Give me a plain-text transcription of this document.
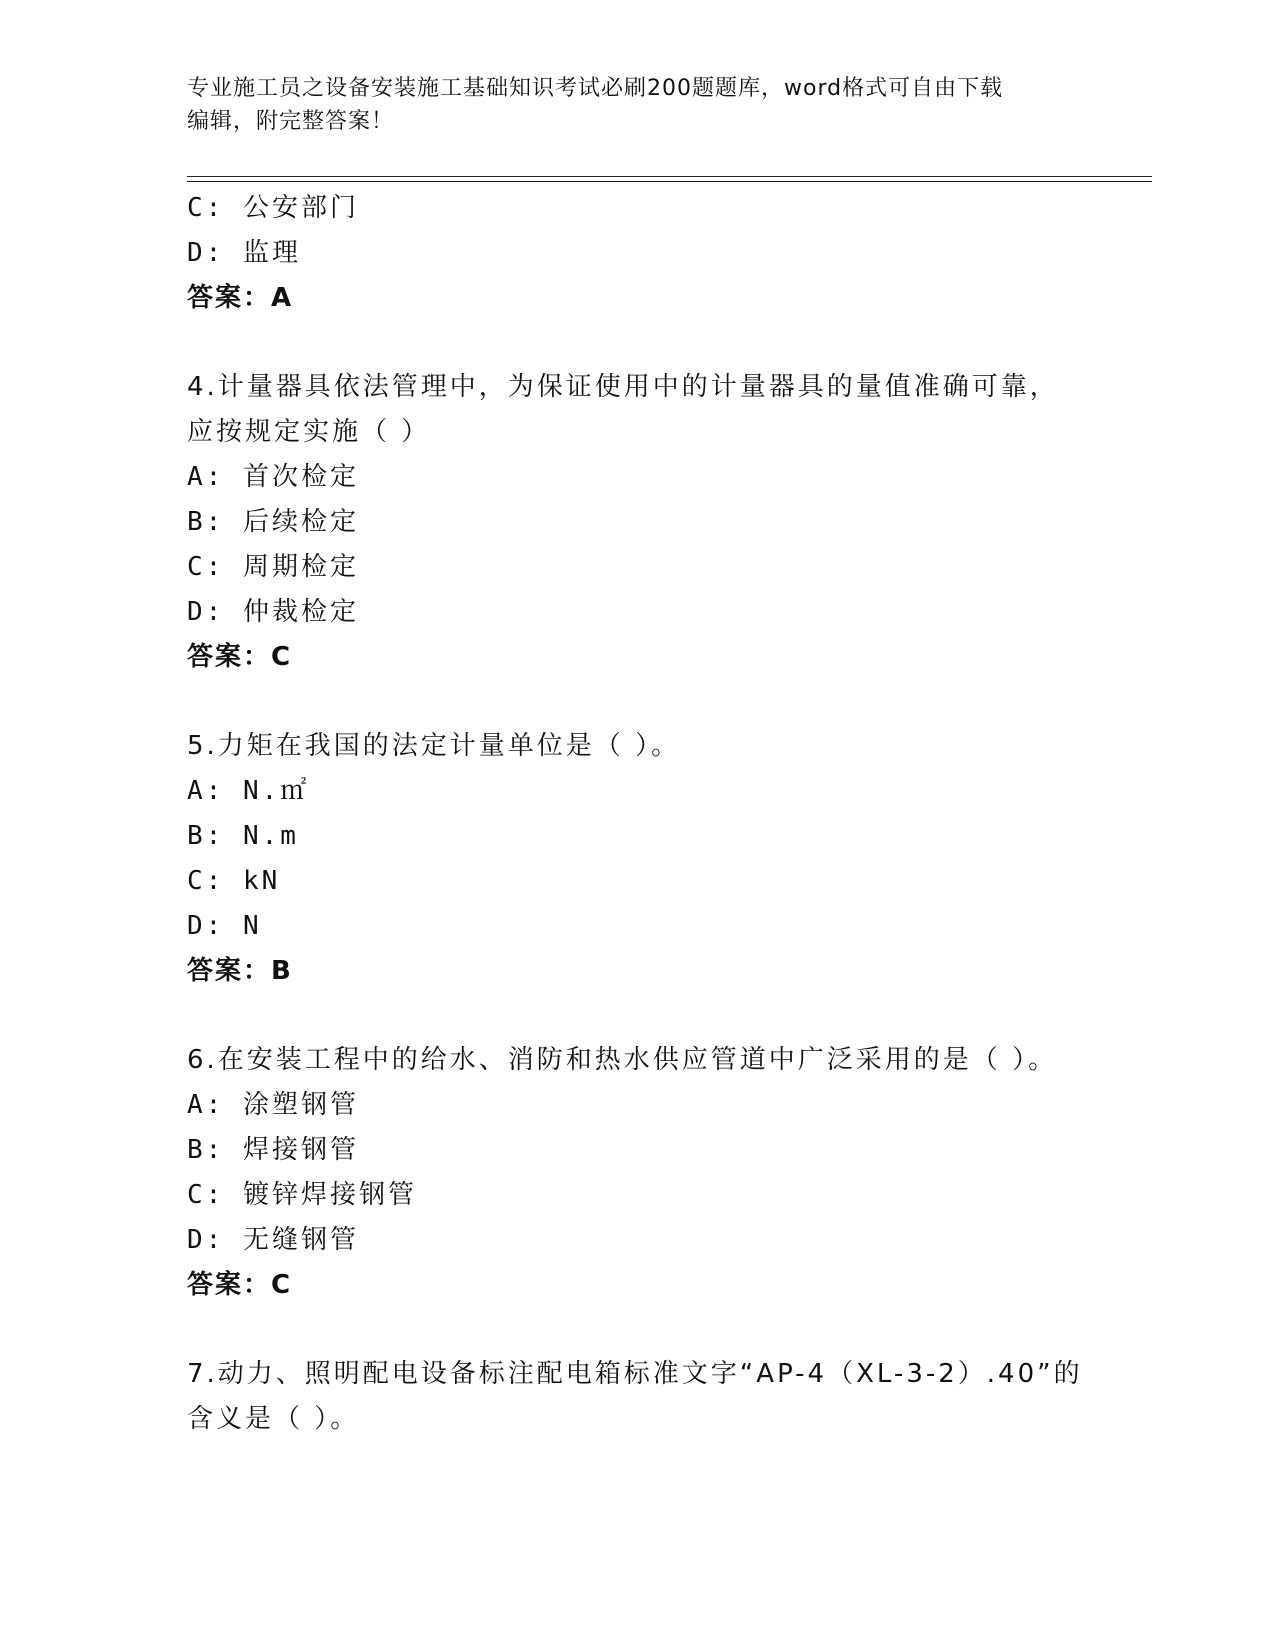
专业施工员之设备安装施工基础知识考试必刷200题题库，word格式可自由下载
编辑，附完整答案！
C: 公安部门
D: 监理
答案：A
4.计量器具依法管理中，为保证使用中的计量器具的量值准确可靠，
应按规定实施（ ）
A: 首次检定
B: 后续检定
C: 周期检定
D: 仲裁检定
答案：C
5.力矩在我国的法定计量单位是（ ）。
A: N.㎡
B: N.m
C: kN
D: N
答案：B
6.在安装工程中的给水、消防和热水供应管道中广泛采用的是（ ）。
A: 涂塑钢管
B: 焊接钢管
C: 镀锌焊接钢管
D: 无缝钢管
答案：C
7.动力、照明配电设备标注配电箱标准文字“AP-4（XL-3-2）.40”的
含义是（ ）。
